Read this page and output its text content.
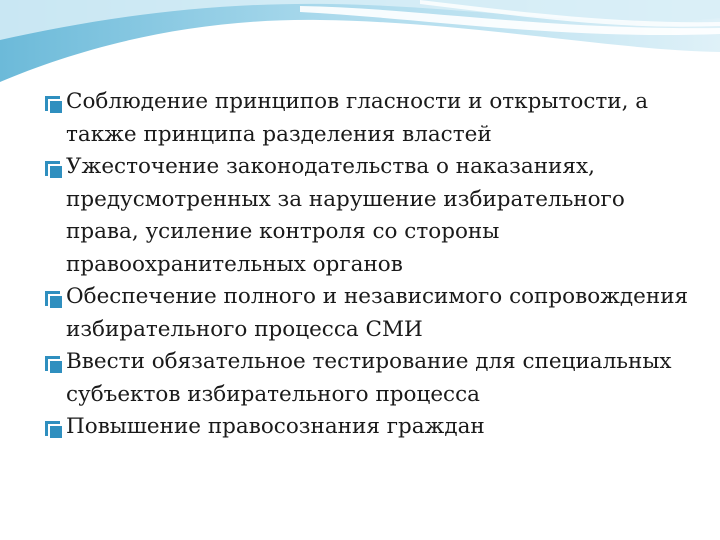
Соблюдение принципов гласности и открытости, а также принципа разделения властей
Ужесточение законодательства о наказаниях, предусмотренных за нарушение избирательного права, усиление контроля со стороны правоохранительных органов
Обеспечение полного и независимого сопровождения избирательного процесса СМИ
Ввести обязательное тестирование для специальных субъектов избирательного процесса
Повышение правосознания граждан
